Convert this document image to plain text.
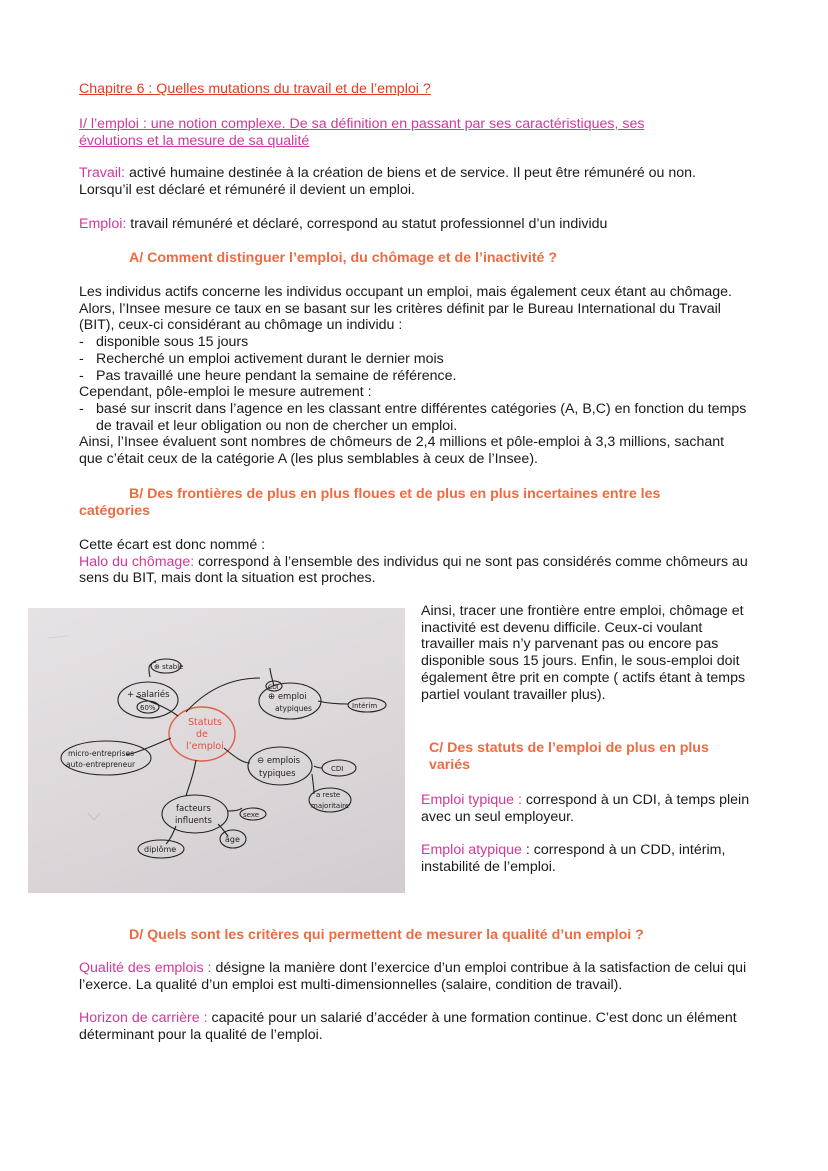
Chapitre 6 : Quelles mutations du travail et de l’emploi ?
I/ l’emploi : une notion complexe. De sa définition en passant par ses caractéristiques, ses
évolutions et la mesure de sa qualité
Travail: activé humaine destinée à la création de biens et de service. Il peut être rémunéré ou non. Lorsqu’il est déclaré et rémunéré il devient un emploi.
Emploi: travail rémunéré et déclaré, correspond au statut professionnel d’un individu
A/ Comment distinguer l’emploi, du chômage et de l’inactivité ?
Les individus actifs concerne les individus occupant un emploi, mais également ceux étant au chômage. Alors, l’Insee mesure ce taux en se basant sur les critères définit par le Bureau International du Travail (BIT), ceux-ci considérant au chômage un individu :
- disponible sous 15 jours
- Recherché un emploi activement durant le dernier mois
- Pas travaillé une heure pendant la semaine de référence.
Cependant, pôle-emploi le mesure autrement :
- basé sur inscrit dans l’agence en les classant entre différentes catégories (A, B,C) en fonction du temps de travail et leur obligation ou non de chercher un emploi.
Ainsi, l’Insee évaluent sont nombres de chômeurs de 2,4 millions et pôle-emploi à 3,3 millions, sachant que c’était ceux de la catégorie A (les plus semblables à ceux de l’Insee).
B/ Des frontières de plus en plus floues et de plus en plus incertaines entre les
catégories
Cette écart est donc nommé :
Halo du chômage: correspond à l’ensemble des individus qui ne sont pas considérés comme chômeurs au sens du BIT, mais dont la situation est proches.
Statuts
de
l’emploi
⊕ stable
+ salariés
60%
CDI
⊕ emploi
atypiques	Intérim
micro-entreprises
auto-entrepreneur	⊖ emplois
typiques	CDI
a reste
majoritaire
facteurs
influents
sexe
âge
diplôme
Ainsi, tracer une frontière entre emploi, chômage et inactivité est devenu difficile. Ceux-ci voulant travailler mais n’y parvenant pas ou encore pas disponible sous 15 jours. Enfin, le sous-emploi doit également être prit en compte ( actifs étant à temps partiel voulant travailler plus).
C/ Des statuts de l’emploi de plus en plus variés
Emploi typique : correspond à un CDI, à temps plein avec un seul employeur.
Emploi atypique : correspond à un CDD, intérim, instabilité de l’emploi.
D/ Quels sont les critères qui permettent de mesurer la qualité d’un emploi ?
Qualité des emplois : désigne la manière dont l’exercice d’un emploi contribue à la satisfaction de celui qui l’exerce. La qualité d’un emploi est multi-dimensionnelles (salaire, condition de travail).
Horizon de carrière : capacité pour un salarié d’accéder à une formation continue. C’est donc un élément déterminant pour la qualité de l’emploi.
